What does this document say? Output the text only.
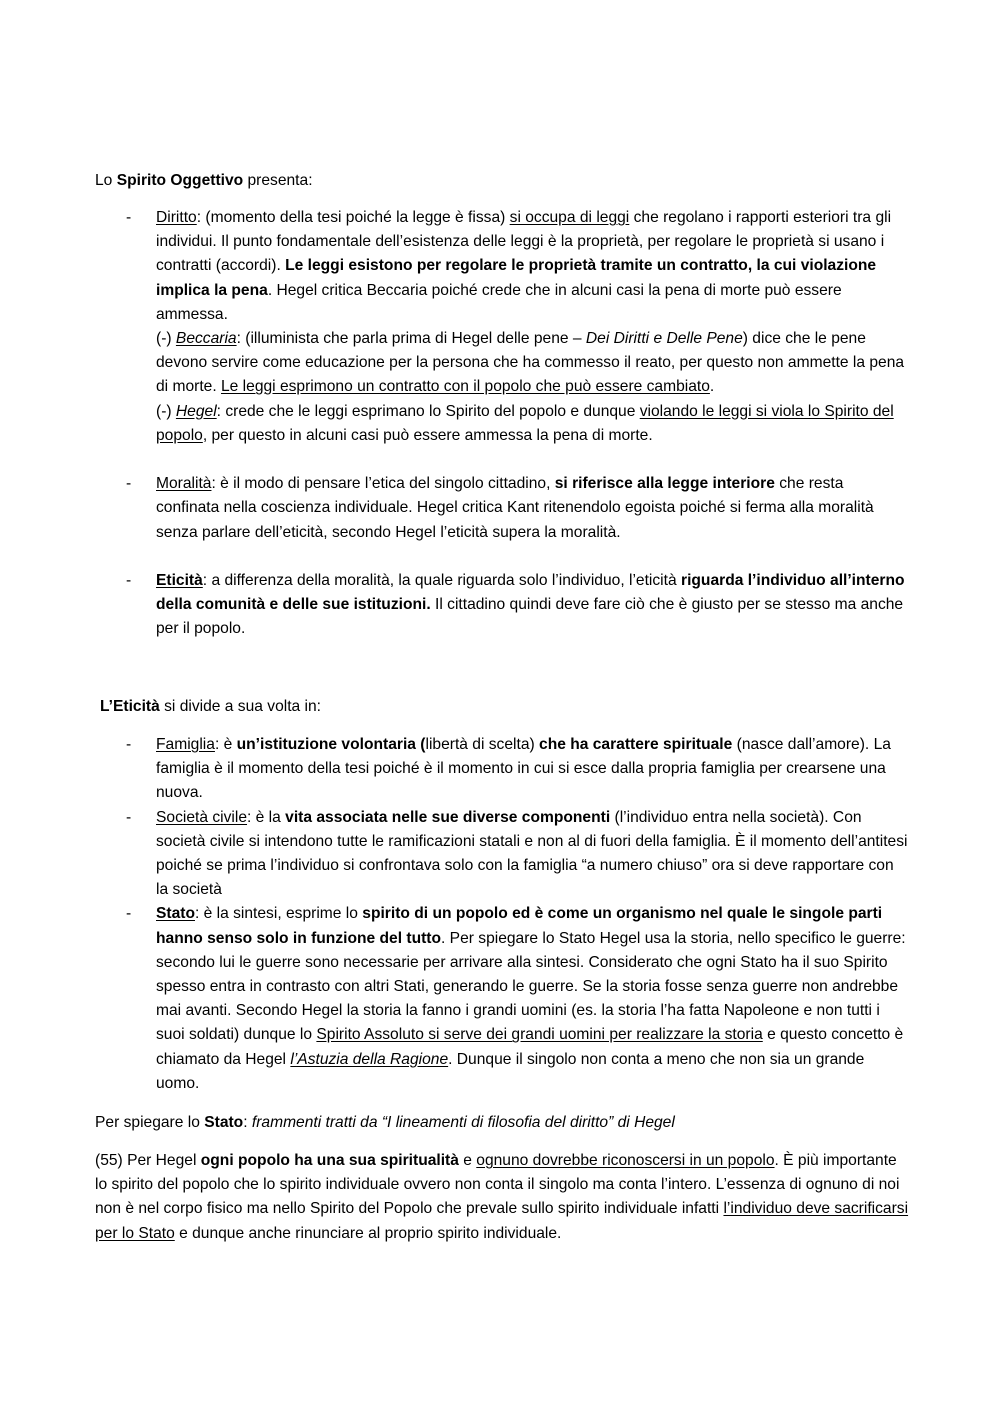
Lo Spirito Oggettivo presenta:

- Diritto: (momento della tesi poiché la legge è fissa) si occupa di leggi che regolano i rapporti esteriori tra gli individui. Il punto fondamentale dell’esistenza delle leggi è la proprietà, per regolare le proprietà si usano i contratti (accordi). Le leggi esistono per regolare le proprietà tramite un contratto, la cui violazione implica la pena. Hegel critica Beccaria poiché crede che in alcuni casi la pena di morte può essere ammessa.
(-) Beccaria: (illuminista che parla prima di Hegel delle pene – Dei Diritti e Delle Pene) dice che le pene devono servire come educazione per la persona che ha commesso il reato, per questo non ammette la pena di morte. Le leggi esprimono un contratto con il popolo che può essere cambiato.
(-) Hegel: crede che le leggi esprimano lo Spirito del popolo e dunque violando le leggi si viola lo Spirito del popolo, per questo in alcuni casi può essere ammessa la pena di morte.
- Moralità: è il modo di pensare l’etica del singolo cittadino, si riferisce alla legge interiore che resta confinata nella coscienza individuale. Hegel critica Kant ritenendolo egoista poiché si ferma alla moralità senza parlare dell’eticità, secondo Hegel l’eticità supera la moralità.
- Eticità: a differenza della moralità, la quale riguarda solo l’individuo, l’eticità riguarda l’individuo all’interno della comunità e delle sue istituzioni. Il cittadino quindi deve fare ciò che è giusto per se stesso ma anche per il popolo.

L’Eticità si divide a sua volta in:

- Famiglia: è un’istituzione volontaria (libertà di scelta) che ha carattere spirituale (nasce dall’amore). La famiglia è il momento della tesi poiché è il momento in cui si esce dalla propria famiglia per crearsene una nuova.
- Società civile: è la vita associata nelle sue diverse componenti (l’individuo entra nella società). Con società civile si intendono tutte le ramificazioni statali e non al di fuori della famiglia. È il momento dell’antitesi poiché se prima l’individuo si confrontava solo con la famiglia “a numero chiuso” ora si deve rapportare con la società
- Stato: è la sintesi, esprime lo spirito di un popolo ed è come un organismo nel quale le singole parti hanno senso solo in funzione del tutto. Per spiegare lo Stato Hegel usa la storia, nello specifico le guerre: secondo lui le guerre sono necessarie per arrivare alla sintesi. Considerato che ogni Stato ha il suo Spirito spesso entra in contrasto con altri Stati, generando le guerre. Se la storia fosse senza guerre non andrebbe mai avanti. Secondo Hegel la storia la fanno i grandi uomini (es. la storia l’ha fatta Napoleone e non tutti i suoi soldati) dunque lo Spirito Assoluto si serve dei grandi uomini per realizzare la storia e questo concetto è chiamato da Hegel l’Astuzia della Ragione. Dunque il singolo non conta a meno che non sia un grande uomo.

Per spiegare lo Stato: frammenti tratti da “I lineamenti di filosofia del diritto” di Hegel

(55) Per Hegel ogni popolo ha una sua spiritualità e ognuno dovrebbe riconoscersi in un popolo. È più importante lo spirito del popolo che lo spirito individuale ovvero non conta il singolo ma conta l’intero. L’essenza di ognuno di noi non è nel corpo fisico ma nello Spirito del Popolo che prevale sullo spirito individuale infatti l’individuo deve sacrificarsi per lo Stato e dunque anche rinunciare al proprio spirito individuale.
